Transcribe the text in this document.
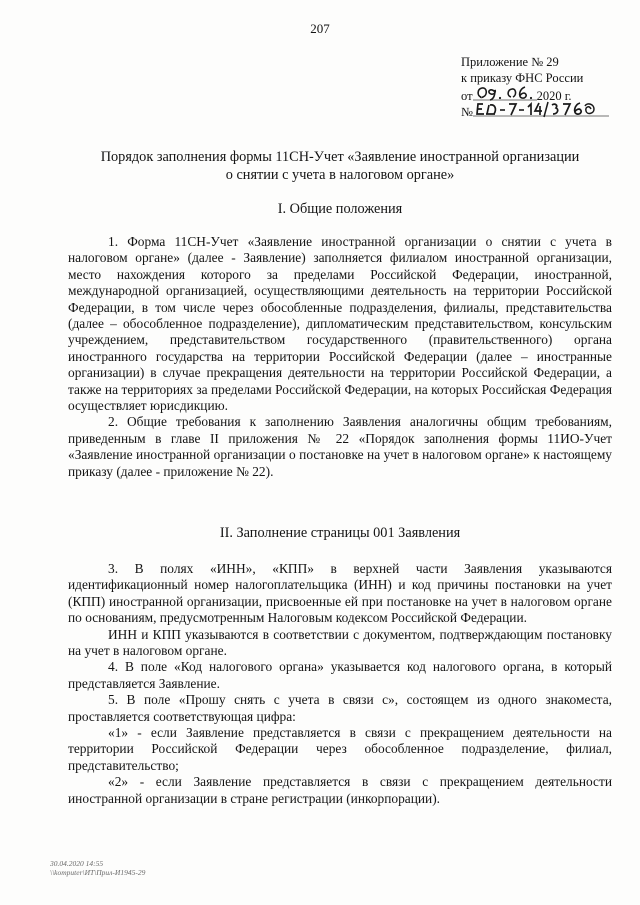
207
Приложение № 29
к приказу ФНС России
от	2020 г.
№
Порядок заполнения формы 11СН-Учет «Заявление иностранной организации
о снятии с учета в налоговом органе»
I. Общие положения

1. Форма 11СН-Учет «Заявление иностранной организации о снятии с учета в налоговом органе» (далее - Заявление) заполняется филиалом иностранной организации, место нахождения которого за пределами Российской Федерации, иностранной, международной организацией, осуществляющими деятельность на территории Российской Федерации, в том числе через обособленные подразделения, филиалы, представительства (далее – обособленное подразделение), дипломатическим представительством, консульским учреждением, представительством государственного (правительственного) органа иностранного государства на территории Российской Федерации (далее – иностранные организации) в случае прекращения деятельности на территории Российской Федерации, а также на территориях за пределами Российской Федерации, на которых Российская Федерация осуществляет юрисдикцию.

2. Общие требования к заполнению Заявления аналогичны общим требованиям, приведенным в главе II приложения № 22 «Порядок заполнения формы 11ИО-Учет «Заявление иностранной организации о постановке на учет в налоговом органе» к настоящему приказу (далее - приложение № 22).

II. Заполнение страницы 001 Заявления

3. В полях «ИНН», «КПП» в верхней части Заявления указываются идентификационный номер налогоплательщика (ИНН) и код причины постановки на учет (КПП) иностранной организации, присвоенные ей при постановке на учет в налоговом органе по основаниям, предусмотренным Налоговым кодексом Российской Федерации.

ИНН и КПП указываются в соответствии с документом, подтверждающим постановку на учет в налоговом органе.

4. В поле «Код налогового органа» указывается код налогового органа, в который представляется Заявление.

5. В поле «Прошу снять с учета в связи с», состоящем из одного знакоместа, проставляется соответствующая цифра:

«1» - если Заявление представляется в связи с прекращением деятельности на территории Российской Федерации через обособленное подразделение, филиал, представительство;

«2» - если Заявление представляется в связи с прекращением деятельности иностранной организации в стране регистрации (инкорпорации).

30.04.2020 14:55
\\komputer\ИТ\Прил-И1945-29
